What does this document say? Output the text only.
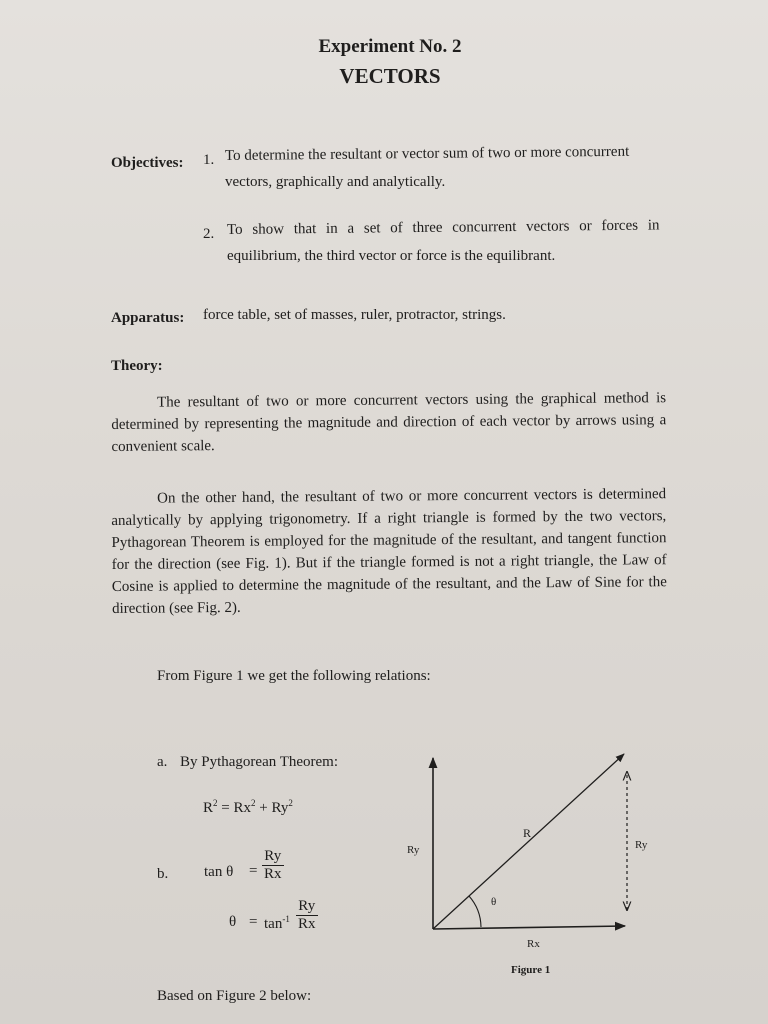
Experiment No. 2
VECTORS
Objectives: 1. To determine the resultant or vector sum of two or more concurrent
vectors, graphically and analytically.
2. To show that in a set of three concurrent vectors or forces in
equilibrium, the third vector or force is the equilibrant.
Apparatus: force table, set of masses, ruler, protractor, strings.
Theory:
The resultant of two or more concurrent vectors using the graphical method is determined by representing the magnitude and direction of each vector by arrows using a convenient scale.
On the other hand, the resultant of two or more concurrent vectors is determined analytically by applying trigonometry. If a right triangle is formed by the two vectors, Pythagorean Theorem is employed for the magnitude of the resultant, and tangent function for the direction (see Fig. 1). But if the triangle formed is not a right triangle, the Law of Cosine is applied to determine the magnitude of the resultant, and the Law of Sine for the direction (see Fig. 2).
From Figure 1 we get the following relations:
a. By Pythagorean Theorem:
$R^2 = Rx^2 + Ry^2$
b. $\tan \theta = \frac{Ry}{Rx}$
$\theta = \tan^{-1} \frac{Ry}{Rx}$
R
Ry	Ry
θ
Rx
Figure 1
Based on Figure 2 below:
